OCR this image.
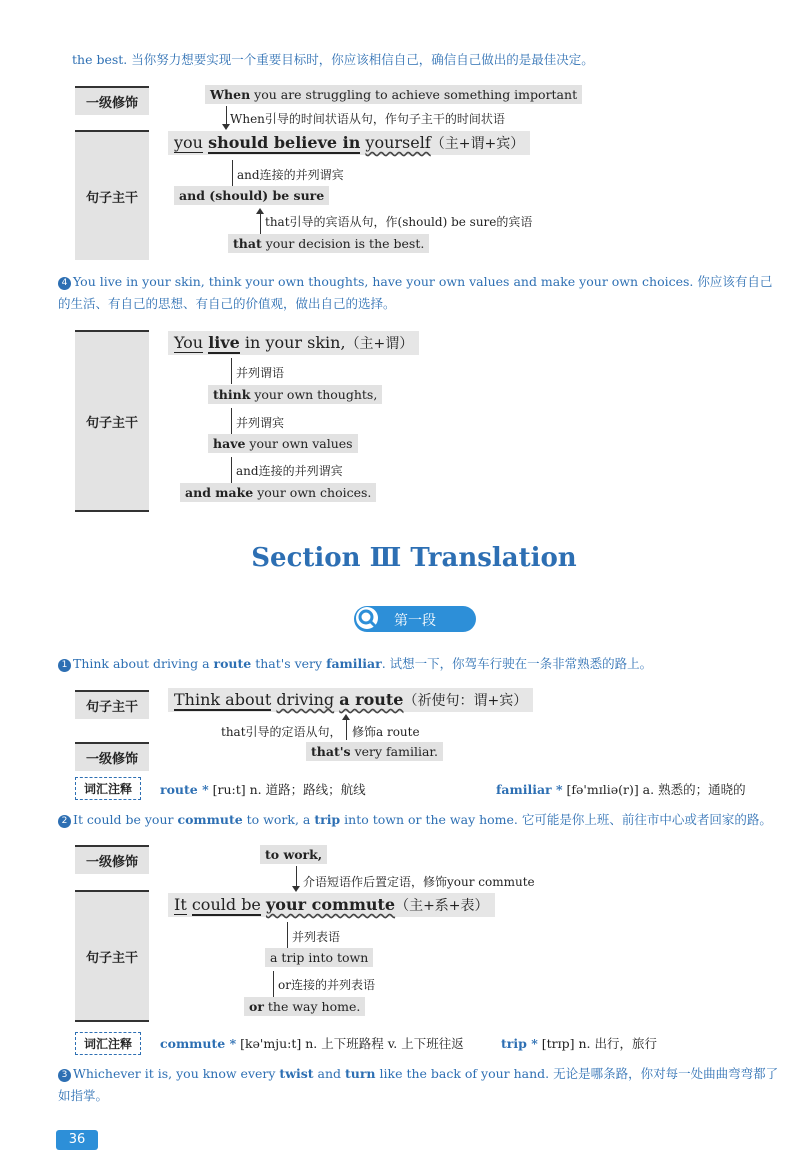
the best. 当你努力想要实现一个重要目标时，你应该相信自己，确信自己做出的是最佳决定。
一级修饰
When you are struggling to achieve something important
When引导的时间状语从句，作句子主干的时间状语
句子主干
you should believe in yourself（主+谓+宾）
and连接的并列谓宾
and (should) be sure
that引导的宾语从句，作(should) be sure的宾语
that your decision is the best.
4 You live in your skin, think your own thoughts, have your own values and make your own choices. 你应该有自己的生活、有自己的思想、有自己的价值观，做出自己的选择。
句子主干
You live in your skin,（主+谓）
并列谓语
think your own thoughts,
并列谓宾
have your own values
and连接的并列谓宾
and make your own choices.
Section Ⅲ Translation
第一段
1 Think about driving a route that's very familiar. 试想一下，你驾车行驶在一条非常熟悉的路上。
句子主干	Think about driving a route（祈使句：谓+宾）
that引导的定语从句， 修饰a route
一级修饰
that's very familiar.
词汇注释	route * [ru:t] n. 道路；路线；航线	familiar * [fə'mɪliə(r)] a. 熟悉的；通晓的
2 It could be your commute to work, a trip into town or the way home. 它可能是你上班、前往市中心或者回家的路。
一级修饰
to work,
介语短语作后置定语，修饰your commute
句子主干
It could be your commute（主+系+表）
并列表语
a trip into town
or连接的并列表语
or the way home.
词汇注释	commute * [kə'mju:t] n. 上下班路程 v. 上下班往返	trip * [trɪp] n. 出行，旅行
3 Whichever it is, you know every twist and turn like the back of your hand. 无论是哪条路，你对每一处曲曲弯弯都了如指掌。
36
